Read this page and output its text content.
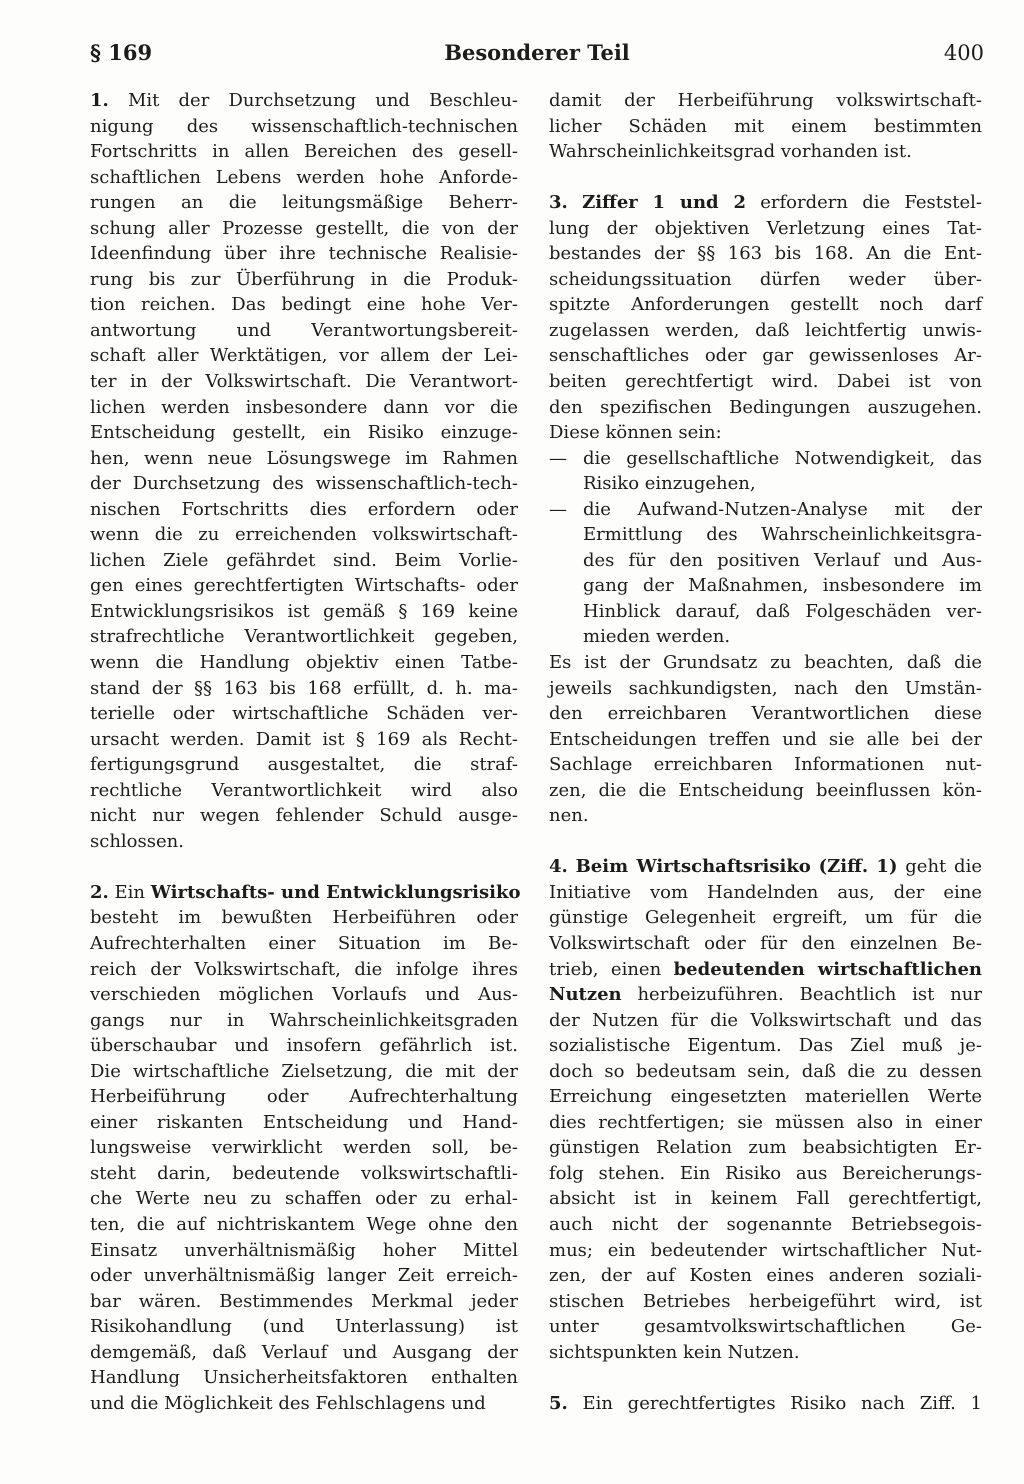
§ 169	Besonderer Teil	400
1. Mit der Durchsetzung und Beschleu-
nigung des wissenschaftlich-technischen
Fortschritts in allen Bereichen des gesell-
schaftlichen Lebens werden hohe Anforde-
rungen an die leitungsmäßige Beherr-
schung aller Prozesse gestellt, die von der
Ideenfindung über ihre technische Realisie-
rung bis zur Überführung in die Produk-
tion reichen. Das bedingt eine hohe Ver-
antwortung und Verantwortungsbereit-
schaft aller Werktätigen, vor allem der Lei-
ter in der Volkswirtschaft. Die Verantwort-
lichen werden insbesondere dann vor die
Entscheidung gestellt, ein Risiko einzuge-
hen, wenn neue Lösungswege im Rahmen
der Durchsetzung des wissenschaftlich-tech-
nischen Fortschritts dies erfordern oder
wenn die zu erreichenden volkswirtschaft-
lichen Ziele gefährdet sind. Beim Vorlie-
gen eines gerechtfertigten Wirtschafts- oder
Entwicklungsrisikos ist gemäß § 169 keine
strafrechtliche Verantwortlichkeit gegeben,
wenn die Handlung objektiv einen Tatbe-
stand der §§ 163 bis 168 erfüllt, d. h. ma-
terielle oder wirtschaftliche Schäden ver-
ursacht werden. Damit ist § 169 als Recht-
fertigungsgrund ausgestaltet, die straf-
rechtliche Verantwortlichkeit wird also
nicht nur wegen fehlender Schuld ausge-
schlossen.
2. Ein Wirtschafts- und Entwicklungsrisiko
besteht im bewußten Herbeiführen oder
Aufrechterhalten einer Situation im Be-
reich der Volkswirtschaft, die infolge ihres
verschieden möglichen Vorlaufs und Aus-
gangs nur in Wahrscheinlichkeitsgraden
überschaubar und insofern gefährlich ist.
Die wirtschaftliche Zielsetzung, die mit der
Herbeiführung oder Aufrechterhaltung
einer riskanten Entscheidung und Hand-
lungsweise verwirklicht werden soll, be-
steht darin, bedeutende volkswirtschaftli-
che Werte neu zu schaffen oder zu erhal-
ten, die auf nichtriskantem Wege ohne den
Einsatz unverhältnismäßig hoher Mittel
oder unverhältnismäßig langer Zeit erreich-
bar wären. Bestimmendes Merkmal jeder
Risikohandlung (und Unterlassung) ist
demgemäß, daß Verlauf und Ausgang der
Handlung Unsicherheitsfaktoren enthalten
und die Möglichkeit des Fehlschlagens und
damit der Herbeiführung volkswirtschaft-
licher Schäden mit einem bestimmten
Wahrscheinlichkeitsgrad vorhanden ist.
3. Ziffer 1 und 2 erfordern die Feststel-
lung der objektiven Verletzung eines Tat-
bestandes der §§ 163 bis 168. An die Ent-
scheidungssituation dürfen weder über-
spitzte Anforderungen gestellt noch darf
zugelassen werden, daß leichtfertig unwis-
senschaftliches oder gar gewissenloses Ar-
beiten gerechtfertigt wird. Dabei ist von
den spezifischen Bedingungen auszugehen.
Diese können sein:
— die gesellschaftliche Notwendigkeit, das
Risiko einzugehen,
— die Aufwand-Nutzen-Analyse mit der
Ermittlung des Wahrscheinlichkeitsgra-
des für den positiven Verlauf und Aus-
gang der Maßnahmen, insbesondere im
Hinblick darauf, daß Folgeschäden ver-
mieden werden.
Es ist der Grundsatz zu beachten, daß die
jeweils sachkundigsten, nach den Umstän-
den erreichbaren Verantwortlichen diese
Entscheidungen treffen und sie alle bei der
Sachlage erreichbaren Informationen nut-
zen, die die Entscheidung beeinflussen kön-
nen.
4. Beim Wirtschaftsrisiko (Ziff. 1) geht die
Initiative vom Handelnden aus, der eine
günstige Gelegenheit ergreift, um für die
Volkswirtschaft oder für den einzelnen Be-
trieb, einen bedeutenden wirtschaftlichen
Nutzen herbeizuführen. Beachtlich ist nur
der Nutzen für die Volkswirtschaft und das
sozialistische Eigentum. Das Ziel muß je-
doch so bedeutsam sein, daß die zu dessen
Erreichung eingesetzten materiellen Werte
dies rechtfertigen; sie müssen also in einer
günstigen Relation zum beabsichtigten Er-
folg stehen. Ein Risiko aus Bereicherungs-
absicht ist in keinem Fall gerechtfertigt,
auch nicht der sogenannte Betriebsegois-
mus; ein bedeutender wirtschaftlicher Nut-
zen, der auf Kosten eines anderen soziali-
stischen Betriebes herbeigeführt wird, ist
unter gesamtvolkswirtschaftlichen Ge-
sichtspunkten kein Nutzen.
5. Ein gerechtfertigtes Risiko nach Ziff. 1
